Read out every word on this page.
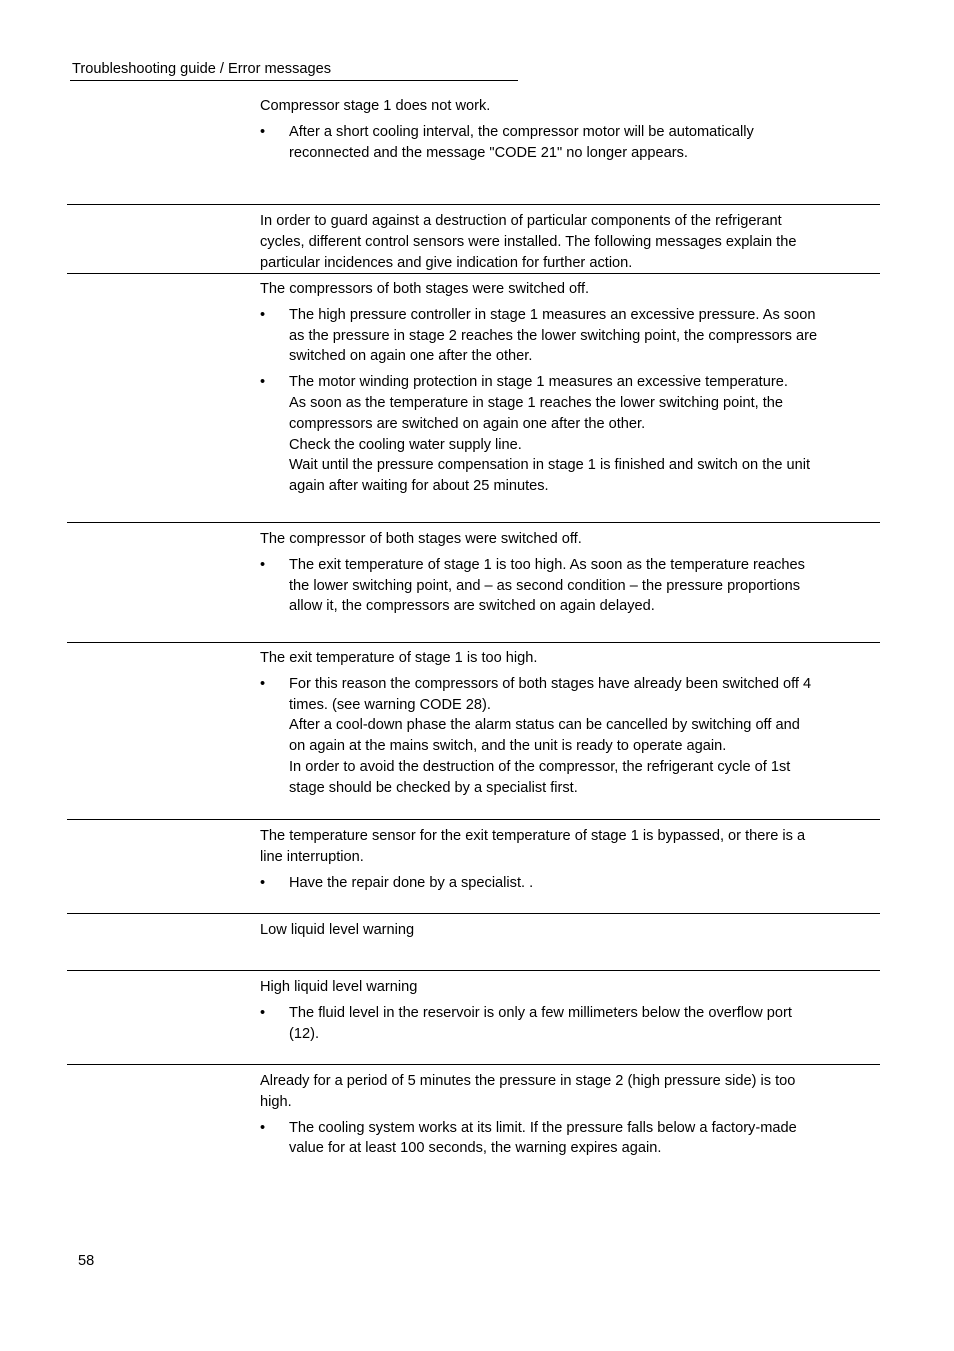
Troubleshooting guide / Error messages

Compressor stage 1 does not work.

• After a short cooling interval, the compressor motor will be automatically
reconnected and the message "CODE 21" no longer appears.

In order to guard against a destruction of particular components of the refrigerant
cycles, different control sensors were installed. The following messages explain the
particular incidences and give indication for further action.

The compressors of both stages were switched off.

• The high pressure controller in stage 1 measures an excessive pressure. As soon
as the pressure in stage 2 reaches the lower switching point, the compressors are
switched on again one after the other.
• The motor winding protection in stage 1 measures an excessive temperature.
As soon as the temperature in stage 1 reaches the lower switching point, the
compressors are switched on again one after the other.
Check the cooling water supply line.
Wait until the pressure compensation in stage 1 is finished and switch on the unit
again after waiting for about 25 minutes.

The compressor of both stages were switched off.

• The exit temperature of stage 1 is too high. As soon as the temperature reaches
the lower switching point, and – as second condition – the pressure proportions
allow it, the compressors are switched on again delayed.

The exit temperature of stage 1 is too high.

• For this reason the compressors of both stages have already been switched off 4
times. (see warning CODE 28).
After a cool-down phase the alarm status can be cancelled by switching off and
on again at the mains switch, and the unit is ready to operate again.
In order to avoid the destruction of the compressor, the refrigerant cycle of 1st
stage should be checked by a specialist first.

The temperature sensor for the exit temperature of stage 1 is bypassed, or there is a
line interruption.

• Have the repair done by a specialist. .

Low liquid level warning

High liquid level warning

• The fluid level in the reservoir is only a few millimeters below the overflow port
(12).

Already for a period of 5 minutes the pressure in stage 2 (high pressure side) is too
high.

• The cooling system works at its limit. If the pressure falls below a factory-made
value for at least 100 seconds, the warning expires again.
58
